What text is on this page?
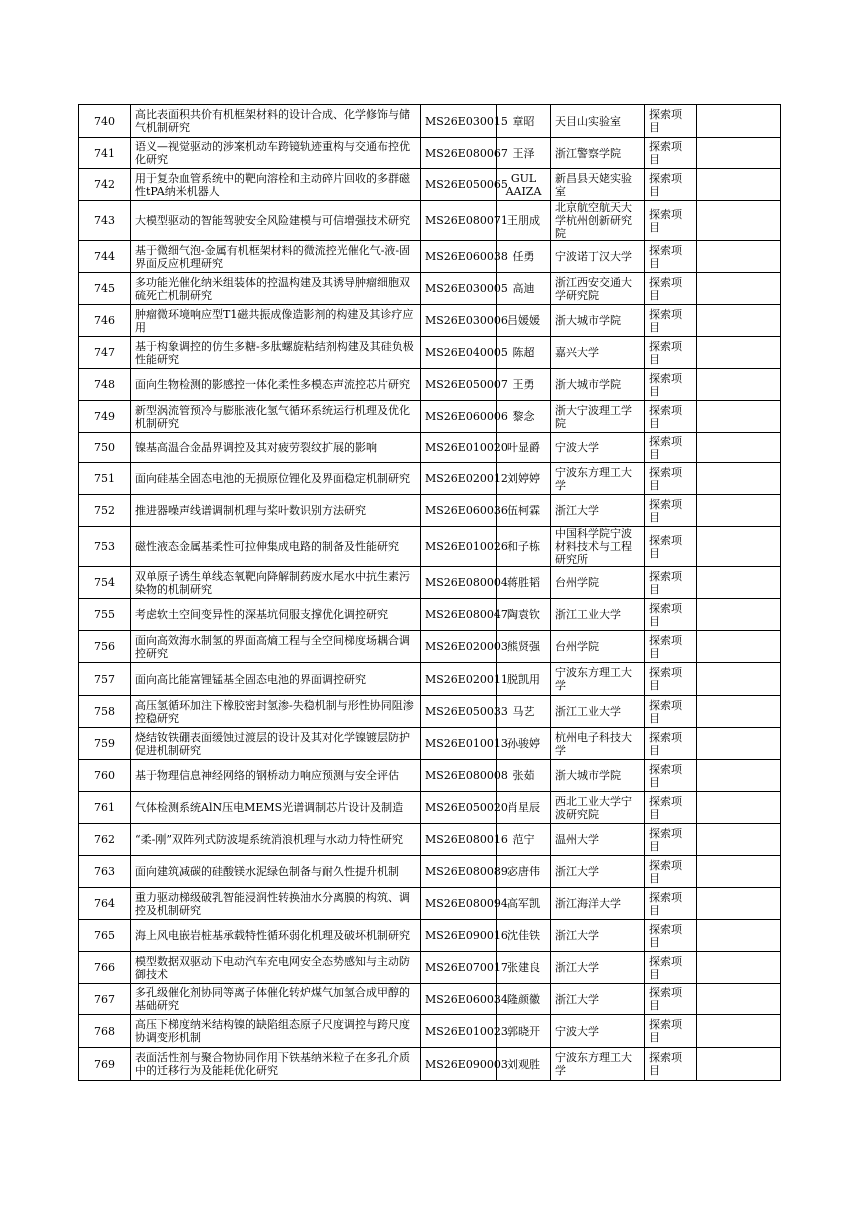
740	高比表面积共价有机框架材料的设计合成、化学修饰与储气机制研究	MS26E030015	章昭	天目山实验室	探索项目	
741	语义—视觉驱动的涉案机动车跨镜轨迹重构与交通布控优化研究	MS26E080067	王泽	浙江警察学院	探索项目	
742	用于复杂血管系统中的靶向溶栓和主动碎片回收的多群磁性tPA纳米机器人	MS26E050065	GUL AAIZA	新昌县天姥实验室	探索项目	
743	大模型驱动的智能驾驶安全风险建模与可信增强技术研究	MS26E080071	王朋成	北京航空航天大学杭州创新研究院	探索项目	
744	基于微细气泡-金属有机框架材料的微流控光催化气-液-固界面反应机理研究	MS26E060038	任勇	宁波诺丁汉大学	探索项目	
745	多功能光催化纳米组装体的控温构建及其诱导肿瘤细胞双硫死亡机制研究	MS26E030005	高迪	浙江西安交通大学研究院	探索项目	
746	肿瘤微环境响应型T1磁共振成像造影剂的构建及其诊疗应用	MS26E030006	吕媛媛	浙大城市学院	探索项目	
747	基于构象调控的仿生多糖-多肽螺旋粘结剂构建及其硅负极性能研究	MS26E040005	陈超	嘉兴大学	探索项目	
748	面向生物检测的影感控一体化柔性多模态声流控芯片研究	MS26E050007	王勇	浙大城市学院	探索项目	
749	新型涡流管预冷与膨胀液化氢气循环系统运行机理及优化机制研究	MS26E060006	黎念	浙大宁波理工学院	探索项目	
750	镍基高温合金晶界调控及其对疲劳裂纹扩展的影响	MS26E010020	叶显爵	宁波大学	探索项目	
751	面向硅基全固态电池的无损原位锂化及界面稳定机制研究	MS26E020012	刘婷婷	宁波东方理工大学	探索项目	
752	推进器噪声线谱调制机理与桨叶数识别方法研究	MS26E060036	伍柯霖	浙江大学	探索项目	
753	磁性液态金属基柔性可拉伸集成电路的制备及性能研究	MS26E010026	和子栋	中国科学院宁波材料技术与工程研究所	探索项目	
754	双单原子诱生单线态氧靶向降解制药废水尾水中抗生素污染物的机制研究	MS26E080004	蒋胜韬	台州学院	探索项目	
755	考虑软土空间变异性的深基坑伺服支撑优化调控研究	MS26E080047	陶袁钦	浙江工业大学	探索项目	
756	面向高效海水制氢的界面高熵工程与全空间梯度场耦合调控研究	MS26E020003	熊贤强	台州学院	探索项目	
757	面向高比能富锂锰基全固态电池的界面调控研究	MS26E020011	脱凯用	宁波东方理工大学	探索项目	
758	高压氢循环加注下橡胶密封氢渗-失稳机制与形性协同阻渗控稳研究	MS26E050033	马艺	浙江工业大学	探索项目	
759	烧结钕铁硼表面缓蚀过渡层的设计及其对化学镍镀层防护促进机制研究	MS26E010013	孙骏婷	杭州电子科技大学	探索项目	
760	基于物理信息神经网络的钢桥动力响应预测与安全评估	MS26E080008	张茹	浙大城市学院	探索项目	
761	气体检测系统AlN压电MEMS光谱调制芯片设计及制造	MS26E050020	肖星辰	西北工业大学宁波研究院	探索项目	
762	“柔-刚”双阵列式防波堤系统消浪机理与水动力特性研究	MS26E080016	范宁	温州大学	探索项目	
763	面向建筑减碳的硅酸镁水泥绿色制备与耐久性提升机制	MS26E080089	宓唐伟	浙江大学	探索项目	
764	重力驱动梯级破乳智能浸润性转换油水分离膜的构筑、调控及机制研究	MS26E080094	高军凯	浙江海洋大学	探索项目	
765	海上风电嵌岩桩基承载特性循环弱化机理及破坏机制研究	MS26E090016	沈佳铁	浙江大学	探索项目	
766	模型数据双驱动下电动汽车充电网安全态势感知与主动防御技术	MS26E070017	张建良	浙江大学	探索项目	
767	多孔级催化剂协同等离子体催化转炉煤气加氢合成甲醇的基础研究	MS26E060034	隆颜徽	浙江大学	探索项目	
768	高压下梯度纳米结构镍的缺陷组态原子尺度调控与跨尺度协调变形机制	MS26E010023	郭晓开	宁波大学	探索项目	
769	表面活性剂与聚合物协同作用下铁基纳米粒子在多孔介质中的迁移行为及能耗优化研究	MS26E090003	刘观胜	宁波东方理工大学	探索项目	
